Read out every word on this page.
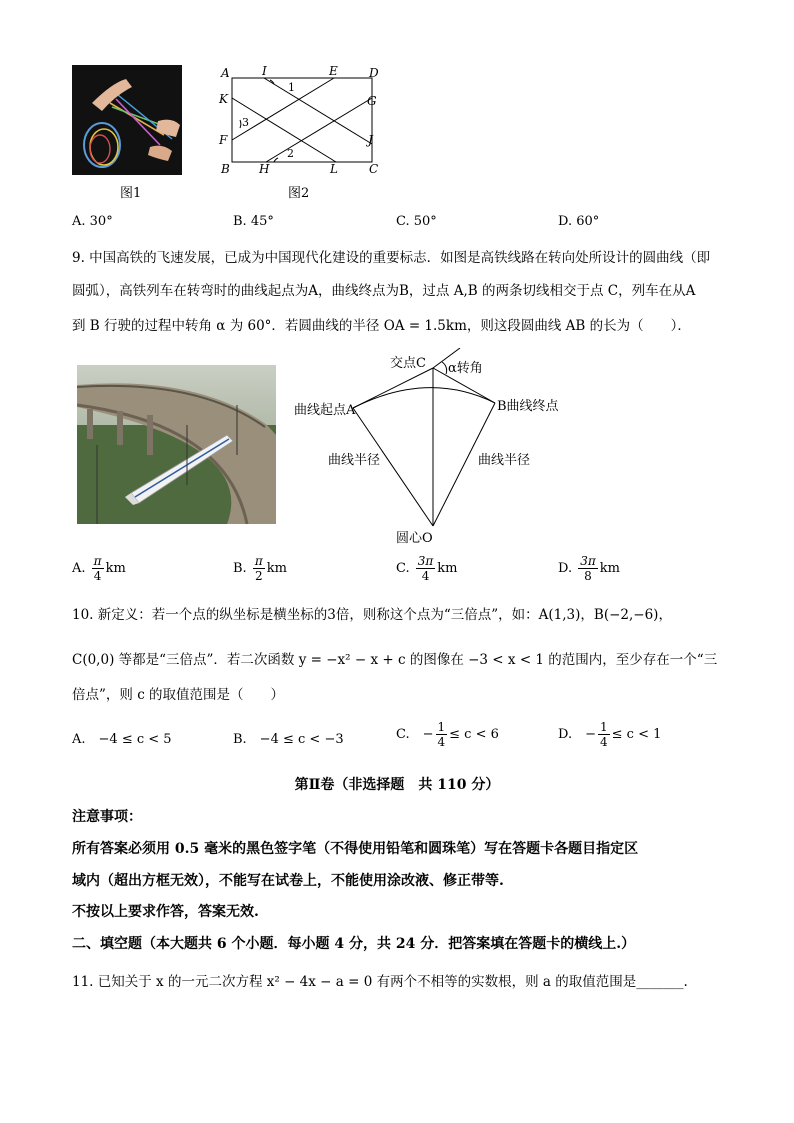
图1
A	I	E	D
K	G
F	J
B H	L	C
1
2
3
图2
A. 30°	B. 45°	C. 50°	D. 60°
9. 中国高铁的飞速发展，已成为中国现代化建设的重要标志．如图是高铁线路在转向处所设计的圆曲线（即
圆弧），高铁列车在转弯时的曲线起点为A，曲线终点为B，过点 A,B 的两条切线相交于点 C，列车在从A
到 B 行驶的过程中转角 α 为 60°．若圆曲线的半径 OA = 1.5km，则这段圆曲线 AB 的长为（　　）．
交点C α转角
曲线起点A	B曲线终点
曲线半径	曲线半径
圆心O
A. $\frac{\pi}{4}$ km	B. $\frac{\pi}{2}$ km	C. $\frac{3\pi}{4}$ km	D. $\frac{3\pi}{8}$ km
10. 新定义：若一个点的纵坐标是横坐标的3倍，则称这个点为“三倍点”，如：A(1,3)，B(−2,−6)，
C(0,0) 等都是“三倍点”．若二次函数 y = −x² − x + c 的图像在 −3 < x < 1 的范围内，至少存在一个“三
倍点”，则 c 的取值范围是（　　）
A.　−4 ≤ c < 5	B.　−4 ≤ c < −3	C.　− $\frac{1}{4} \le c < 6$	D.　− $\frac{1}{4} \le c < 1$
第Ⅱ卷（非选择题　共 110 分）
注意事项：
所有答案必须用 0.5 毫米的黑色签字笔（不得使用铅笔和圆珠笔）写在答题卡各题目指定区
域内（超出方框无效），不能写在试卷上，不能使用涂改液、修正带等.
不按以上要求作答，答案无效.
二、填空题（本大题共 6 个小题．每小题 4 分，共 24 分．把答案填在答题卡的横线上.）
11. 已知关于 x 的一元二次方程 x² − 4x − a = 0 有两个不相等的实数根，则 a 的取值范围是_______.
